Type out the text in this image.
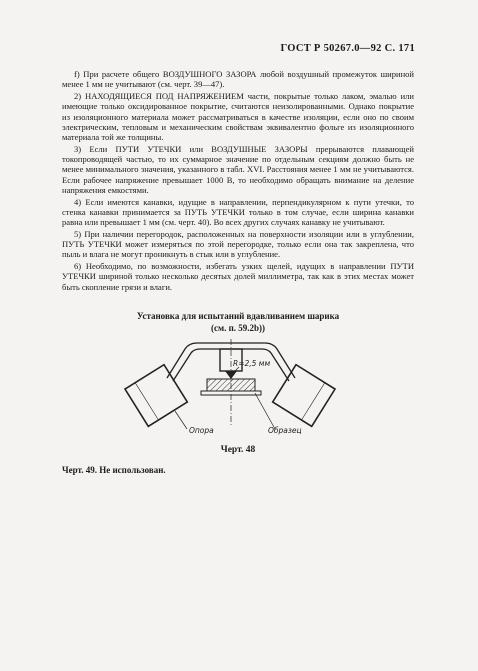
ГОСТ Р 50267.0—92 С. 171

f) При расчете общего ВОЗДУШНОГО ЗАЗОРА любой воздушный промежуток шириной менее 1 мм не учитывают (см. черт. 39—47).

2) НАХОДЯЩИЕСЯ ПОД НАПРЯЖЕНИЕМ части, покрытые только лаком, эмалью или имеющие только оксидированное покрытие, считаются неизолированными. Однако покрытие из изоляционного материала может рассматриваться в качестве изоляции, если оно по своим электрическим, тепловым и механическим свойствам эквивалентно фольге из изоляционного материала той же толщины.

3) Если ПУТИ УТЕЧКИ или ВОЗДУШНЫЕ ЗАЗОРЫ прерываются плавающей токопроводящей частью, то их суммарное значение по отдельным секциям должно быть не менее минимального значения, указанного в табл. XVI. Расстояния менее 1 мм не учитываются. Если рабочее напряжение превышает 1000 В, то необходимо обращать внимание на деление напряжения емкостями.

4) Если имеются канавки, идущие в направлении, перпендикулярном к пути утечки, то стенка канавки принимается за ПУТЬ УТЕЧКИ только в том случае, если ширина канавки равна или превышает 1 мм (см. черт. 40). Во всех других случаях канавку не учитывают.

5) При наличии перегородок, расположенных на поверхности изоляции или в углублении, ПУТЬ УТЕЧКИ может измеряться по этой перегородке, только если она так закреплена, что пыль и влага не могут проникнуть в стык или в углубление.

6) Необходимо, по возможности, избегать узких щелей, идущих в направлении ПУТИ УТЕЧКИ шириной только несколько десятых долей миллиметра, так как в этих местах может быть скопление грязи и влаги.

Установка для испытаний вдавливанием шарика
(см. п. 59.2b))
R=2,5 мм
Опора	Образец
Черт. 48
Черт. 49. Не использован.
